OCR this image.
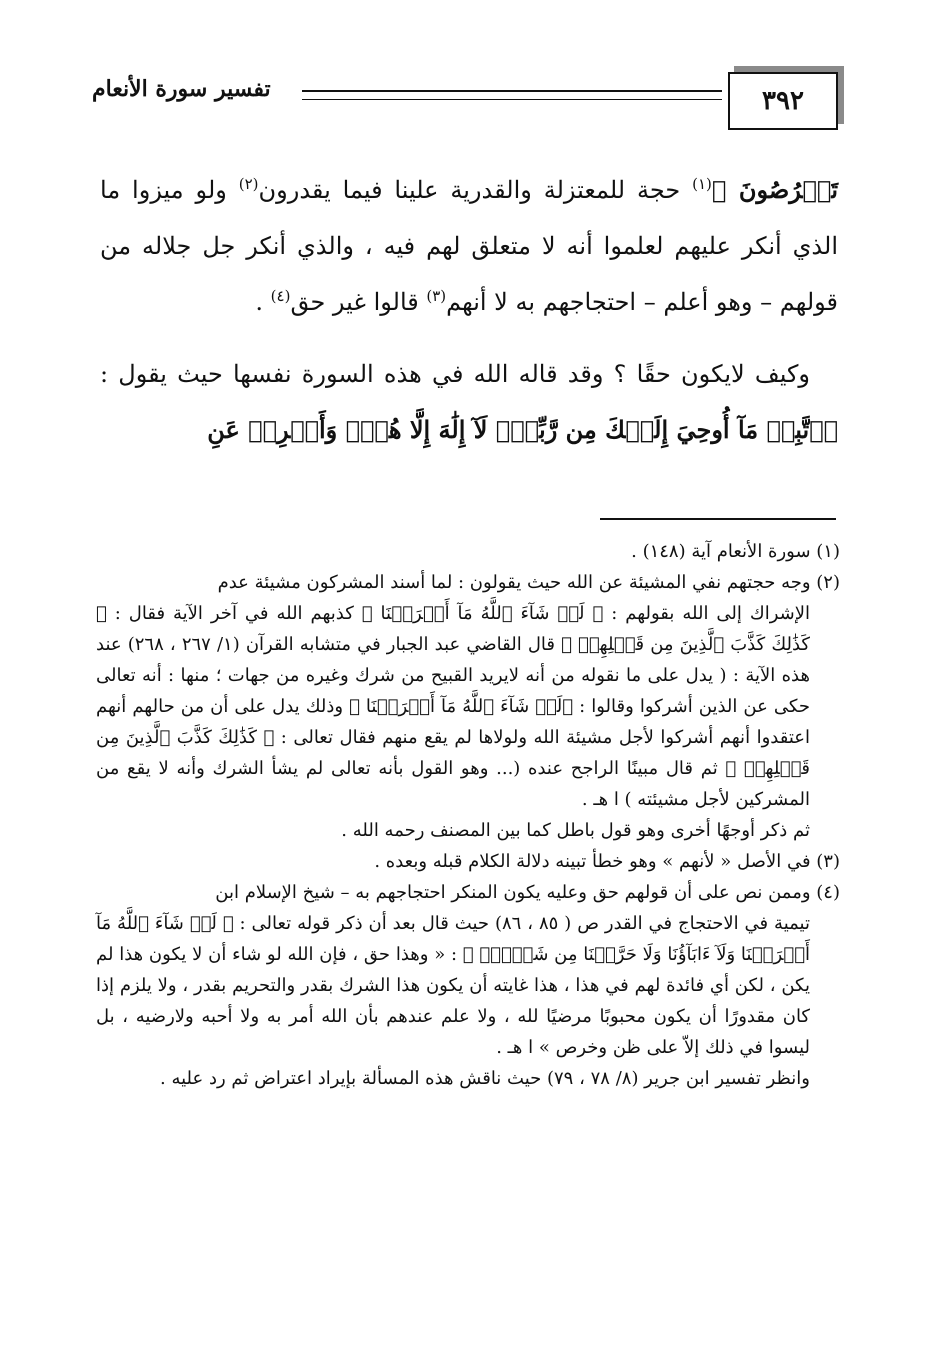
٣٩٢
تفسير سورة الأنعام

تَخۡرُصُونَ ﴾$^{(١)}$ حجة للمعتزلة والقدرية علينا فيما يقدرون$^{(٢)}$ ولو ميزوا ما الذي أنكر عليهم لعلموا أنه لا متعلق لهم فيه ، والذي أنكر جل جلاله من قولهم – وهو أعلم – احتجاجهم به لا أنهم$^{(٣)}$ قالوا غير حق$^{(٤)}$ .

وكيف لايكون حقًا ؟ وقد قاله الله في هذه السورة نفسها حيث يقول : ﴿ٱتَّبِعۡ مَآ أُوحِيَ إِلَيۡكَ مِن رَّبِّكَۖ لَآ إِلَٰهَ إِلَّا هُوَۖ وَأَعۡرِضۡ عَنِ

(١) سورة الأنعام آية (١٤٨) .

(٢) وجه حجتهم نفي المشيئة عن الله حيث يقولون : لما أسند المشركون مشيئة عدم

الإشراك إلى الله بقولهم : ﴿ لَوۡ شَآءَ ٱللَّهُ مَآ أَشۡرَكۡنَا ﴾ كذبهم الله في آخر الآية فقال : ﴿ كَذَٰلِكَ كَذَّبَ ٱلَّذِينَ مِن قَبۡلِهِمۡ ﴾ قال القاضي عبد الجبار في متشابه القرآن (١/ ٢٦٧ ، ٢٦٨) عند هذه الآية : ( يدل على ما نقوله من أنه لايريد القبيح من شرك وغيره من جهات ؛ منها : أنه تعالى حكى عن الذين أشركوا وقالوا : ﴿لَوۡ شَآءَ ٱللَّهُ مَآ أَشۡرَكۡنَا ﴾ وذلك يدل على أن من حالهم أنهم اعتقدوا أنهم أشركوا لأجل مشيئة الله ولولاها لم يقع منهم فقال تعالى : ﴿ كَذَٰلِكَ كَذَّبَ ٱلَّذِينَ مِن قَبۡلِهِمۡ ﴾ ثم قال مبينًا الراجح عنده (... وهو القول بأنه تعالى لم يشأ الشرك وأنه لا يقع من المشركين لأجل مشيئته ) ا هـ .

ثم ذكر أوجهًا أخرى وهو قول باطل كما بين المصنف رحمه الله .

(٣) في الأصل « لأنهم » وهو خطأ تبينه دلالة الكلام قبله وبعده .

(٤) وممن نص على أن قولهم حق وعليه يكون المنكر احتجاجهم به – شيخ الإسلام ابن

تيمية في الاحتجاج في القدر ص ( ٨٥ ، ٨٦) حيث قال بعد أن ذكر قوله تعالى : ﴿ لَوۡ شَآءَ ٱللَّهُ مَآ أَشۡرَكۡنَا وَلَآ ءَابَآؤُنَا وَلَا حَرَّمۡنَا مِن شَيۡءٖۚ ﴾ : « وهذا حق ، فإن الله لو شاء أن لا يكون هذا لم يكن ، لكن أي فائدة لهم في هذا ، هذا غايته أن يكون هذا الشرك بقدر والتحريم بقدر ، ولا يلزم إذا كان مقدورًا أن يكون محبوبًا مرضيًا لله ، ولا علم عندهم بأن الله أمر به ولا أحبه ولارضيه ، بل ليسوا في ذلك إلاّ على ظن وخرص » ا هـ .

وانظر تفسير ابن جرير (٨/ ٧٨ ، ٧٩) حيث ناقش هذه المسألة بإيراد اعتراض ثم رد عليه .
